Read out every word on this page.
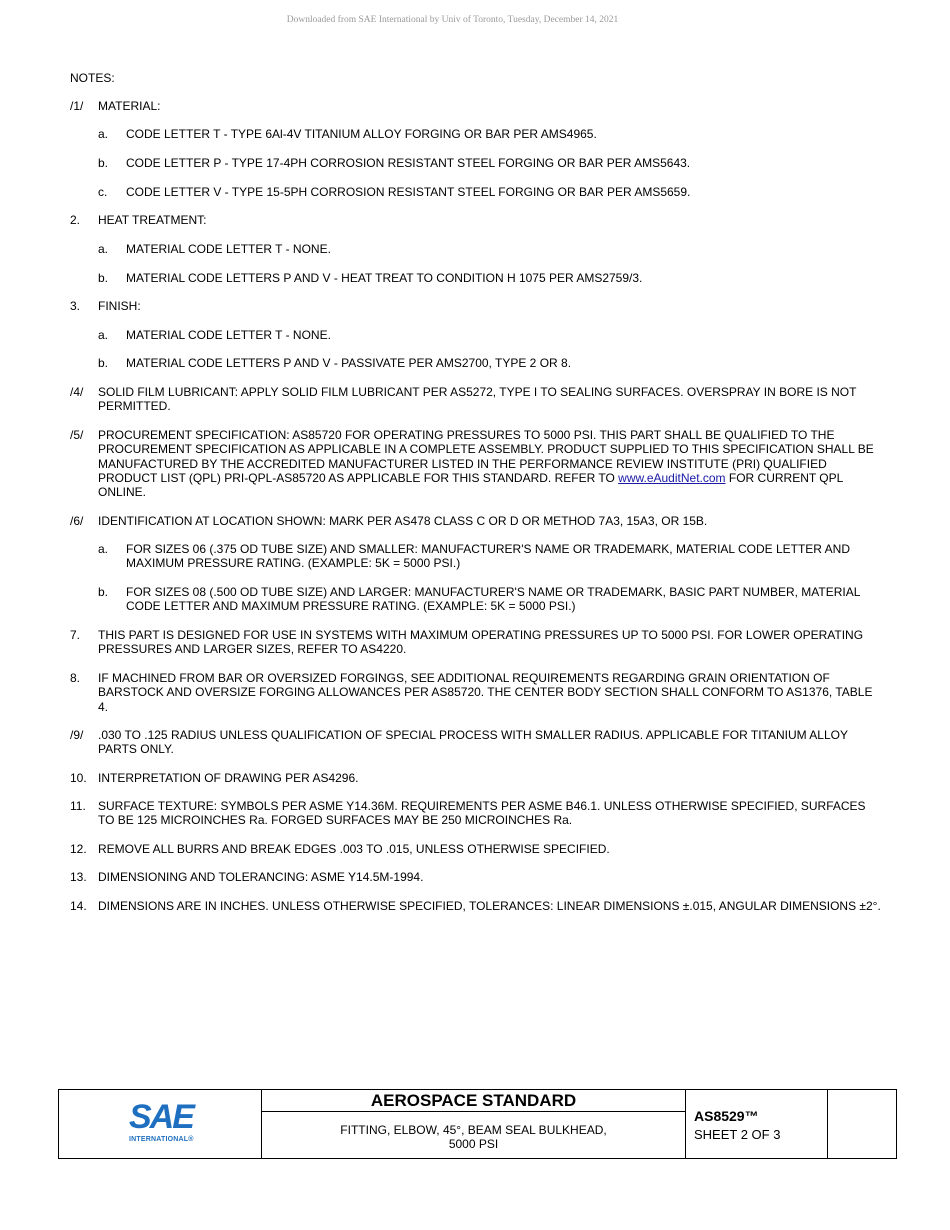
Downloaded from SAE International by Univ of Toronto, Tuesday, December 14, 2021
NOTES:
/1/ MATERIAL:
a. CODE LETTER T - TYPE 6Al-4V TITANIUM ALLOY FORGING OR BAR PER AMS4965.
b. CODE LETTER P - TYPE 17-4PH CORROSION RESISTANT STEEL FORGING OR BAR PER AMS5643.
c. CODE LETTER V - TYPE 15-5PH CORROSION RESISTANT STEEL FORGING OR BAR PER AMS5659.
2. HEAT TREATMENT:
a. MATERIAL CODE LETTER T - NONE.
b. MATERIAL CODE LETTERS P AND V - HEAT TREAT TO CONDITION H 1075 PER AMS2759/3.
3. FINISH:
a. MATERIAL CODE LETTER T - NONE.
b. MATERIAL CODE LETTERS P AND V - PASSIVATE PER AMS2700, TYPE 2 OR 8.
/4/ SOLID FILM LUBRICANT: APPLY SOLID FILM LUBRICANT PER AS5272, TYPE I TO SEALING SURFACES. OVERSPRAY IN BORE IS NOT PERMITTED.
/5/ PROCUREMENT SPECIFICATION: AS85720 FOR OPERATING PRESSURES TO 5000 PSI. THIS PART SHALL BE QUALIFIED TO THE PROCUREMENT SPECIFICATION AS APPLICABLE IN A COMPLETE ASSEMBLY. PRODUCT SUPPLIED TO THIS SPECIFICATION SHALL BE MANUFACTURED BY THE ACCREDITED MANUFACTURER LISTED IN THE PERFORMANCE REVIEW INSTITUTE (PRI) QUALIFIED PRODUCT LIST (QPL) PRI-QPL-AS85720 AS APPLICABLE FOR THIS STANDARD. REFER TO www.eAuditNet.com FOR CURRENT QPL ONLINE.
/6/ IDENTIFICATION AT LOCATION SHOWN: MARK PER AS478 CLASS C OR D OR METHOD 7A3, 15A3, OR 15B.
a. FOR SIZES 06 (.375 OD TUBE SIZE) AND SMALLER: MANUFACTURER'S NAME OR TRADEMARK, MATERIAL CODE LETTER AND MAXIMUM PRESSURE RATING. (EXAMPLE: 5K = 5000 PSI.)
b. FOR SIZES 08 (.500 OD TUBE SIZE) AND LARGER: MANUFACTURER'S NAME OR TRADEMARK, BASIC PART NUMBER, MATERIAL CODE LETTER AND MAXIMUM PRESSURE RATING. (EXAMPLE: 5K = 5000 PSI.)
7. THIS PART IS DESIGNED FOR USE IN SYSTEMS WITH MAXIMUM OPERATING PRESSURES UP TO 5000 PSI. FOR LOWER OPERATING PRESSURES AND LARGER SIZES, REFER TO AS4220.
8. IF MACHINED FROM BAR OR OVERSIZED FORGINGS, SEE ADDITIONAL REQUIREMENTS REGARDING GRAIN ORIENTATION OF BARSTOCK AND OVERSIZE FORGING ALLOWANCES PER AS85720. THE CENTER BODY SECTION SHALL CONFORM TO AS1376, TABLE 4.
/9/ .030 TO .125 RADIUS UNLESS QUALIFICATION OF SPECIAL PROCESS WITH SMALLER RADIUS. APPLICABLE FOR TITANIUM ALLOY PARTS ONLY.
10. INTERPRETATION OF DRAWING PER AS4296.
11. SURFACE TEXTURE: SYMBOLS PER ASME Y14.36M. REQUIREMENTS PER ASME B46.1. UNLESS OTHERWISE SPECIFIED, SURFACES TO BE 125 MICROINCHES Ra. FORGED SURFACES MAY BE 250 MICROINCHES Ra.
12. REMOVE ALL BURRS AND BREAK EDGES .003 TO .015, UNLESS OTHERWISE SPECIFIED.
13. DIMENSIONING AND TOLERANCING: ASME Y14.5M-1994.
14. DIMENSIONS ARE IN INCHES. UNLESS OTHERWISE SPECIFIED, TOLERANCES: LINEAR DIMENSIONS ±.015, ANGULAR DIMENSIONS ±2°.
SAE
INTERNATIONAL®
AEROSPACE STANDARD
FITTING, ELBOW, 45°, BEAM SEAL BULKHEAD,
5000 PSI
AS8529™
SHEET 2 OF 3
